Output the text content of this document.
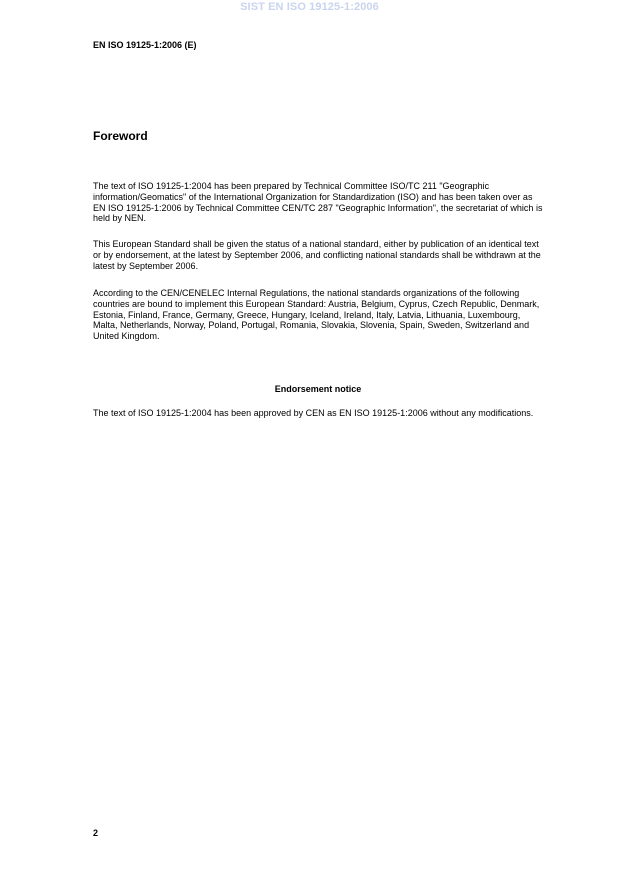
SIST EN ISO 19125-1:2006
EN ISO 19125-1:2006 (E)
Foreword

The text of ISO 19125-1:2004 has been prepared by Technical Committee ISO/TC 211 "Geographic information/Geomatics" of the International Organization for Standardization (ISO) and has been taken over as EN ISO 19125-1:2006 by Technical Committee CEN/TC 287 "Geographic Information", the secretariat of which is held by NEN.

This European Standard shall be given the status of a national standard, either by publication of an identical text or by endorsement, at the latest by September 2006, and conflicting national standards shall be withdrawn at the latest by September 2006.

According to the CEN/CENELEC Internal Regulations, the national standards organizations of the following countries are bound to implement this European Standard: Austria, Belgium, Cyprus, Czech Republic, Denmark, Estonia, Finland, France, Germany, Greece, Hungary, Iceland, Ireland, Italy, Latvia, Lithuania, Luxembourg, Malta, Netherlands, Norway, Poland, Portugal, Romania, Slovakia, Slovenia, Spain, Sweden, Switzerland and United Kingdom.

Endorsement notice

The text of ISO 19125-1:2004 has been approved by CEN as EN ISO 19125-1:2006 without any modifications.

2
